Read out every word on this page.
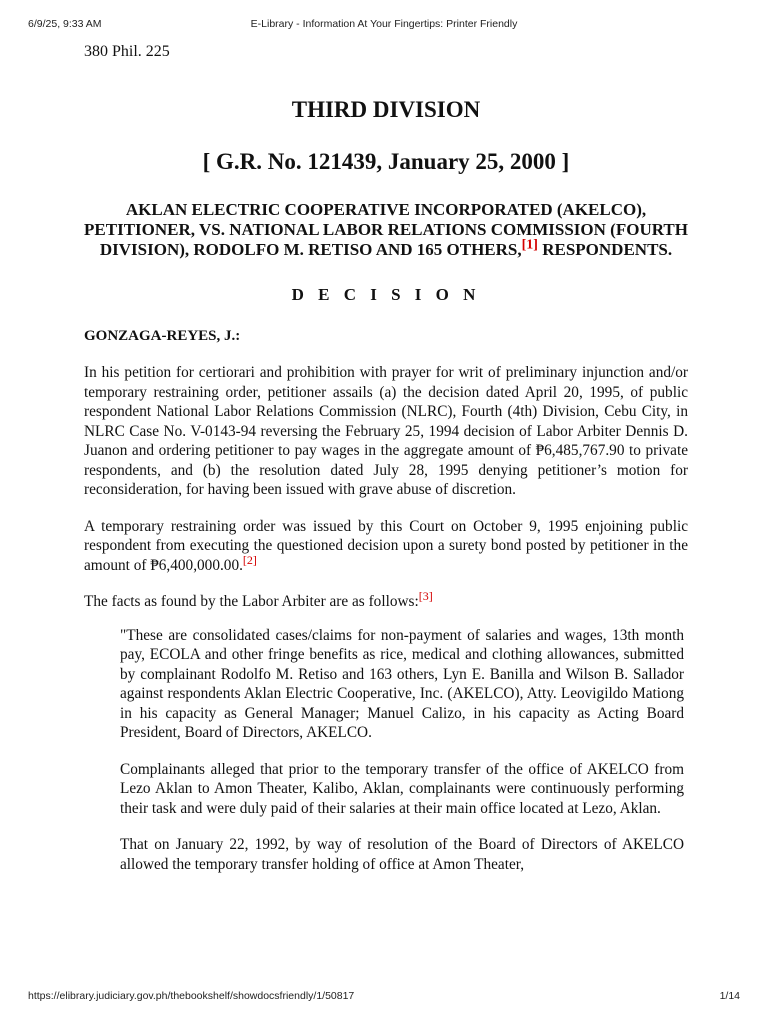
6/9/25, 9:33 AM	E-Library - Information At Your Fingertips: Printer Friendly

380 Phil. 225

THIRD DIVISION
[ G.R. No. 121439, January 25, 2000 ]
AKLAN ELECTRIC COOPERATIVE INCORPORATED (AKELCO), PETITIONER, VS. NATIONAL LABOR RELATIONS COMMISSION (FOURTH DIVISION), RODOLFO M. RETISO AND 165 OTHERS,[1] RESPONDENTS.
D E C I S I O N

GONZAGA-REYES, J.:

In his petition for certiorari and prohibition with prayer for writ of preliminary injunction and/or temporary restraining order, petitioner assails (a) the decision dated April 20, 1995, of public respondent National Labor Relations Commission (NLRC), Fourth (4th) Division, Cebu City, in NLRC Case No. V-0143-94 reversing the February 25, 1994 decision of Labor Arbiter Dennis D. Juanon and ordering petitioner to pay wages in the aggregate amount of ₱6,485,767.90 to private respondents, and (b) the resolution dated July 28, 1995 denying petitioner’s motion for reconsideration, for having been issued with grave abuse of discretion.

A temporary restraining order was issued by this Court on October 9, 1995 enjoining public respondent from executing the questioned decision upon a surety bond posted by petitioner in the amount of ₱6,400,000.00.[2]

The facts as found by the Labor Arbiter are as follows:[3]

"These are consolidated cases/claims for non-payment of salaries and wages, 13th month pay, ECOLA and other fringe benefits as rice, medical and clothing allowances, submitted by complainant Rodolfo M. Retiso and 163 others, Lyn E. Banilla and Wilson B. Sallador against respondents Aklan Electric Cooperative, Inc. (AKELCO), Atty. Leovigildo Mationg in his capacity as General Manager; Manuel Calizo, in his capacity as Acting Board President, Board of Directors, AKELCO.

Complainants alleged that prior to the temporary transfer of the office of AKELCO from Lezo Aklan to Amon Theater, Kalibo, Aklan, complainants were continuously performing their task and were duly paid of their salaries at their main office located at Lezo, Aklan.

That on January 22, 1992, by way of resolution of the Board of Directors of AKELCO allowed the temporary transfer holding of office at Amon Theater,

https://elibrary.judiciary.gov.ph/thebookshelf/showdocsfriendly/1/50817	1/14
